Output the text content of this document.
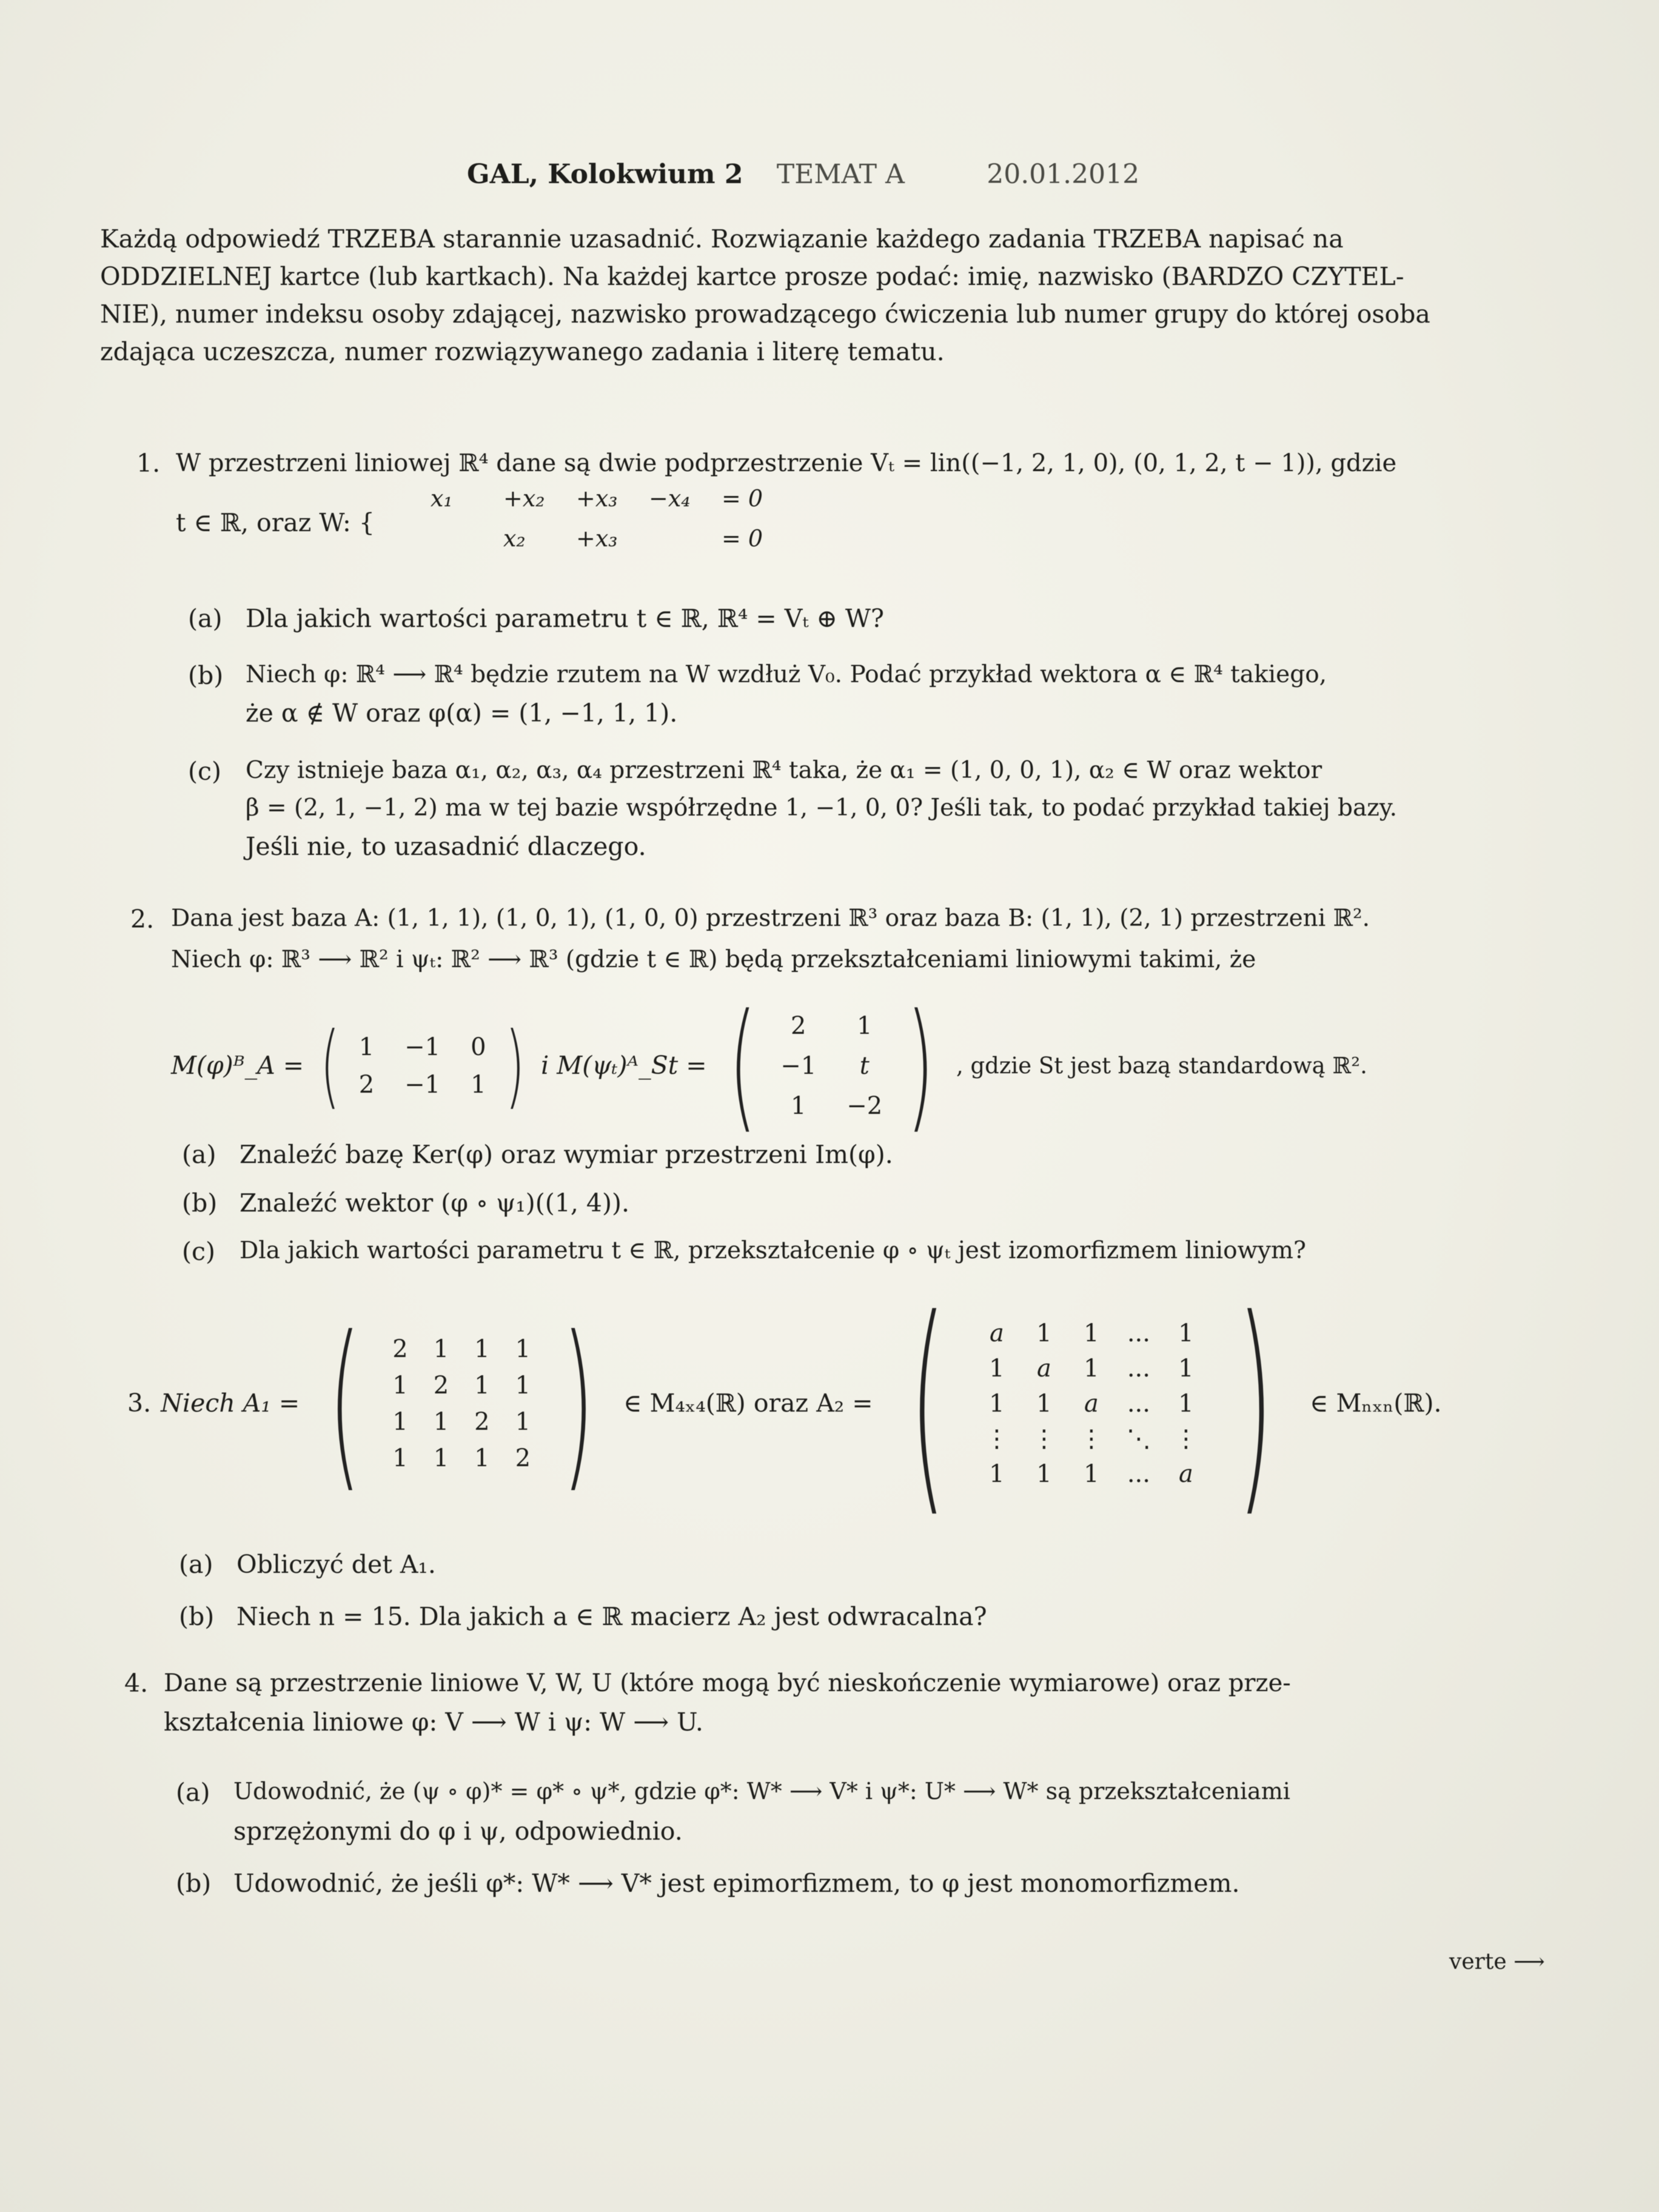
GAL, Kolokwium 2 TEMAT A	20.01.2012
Każdą odpowiedź TRZEBA starannie uzasadnić. Rozwiązanie każdego zadania TRZEBA napisać na
ODDZIELNEJ kartce (lub kartkach). Na każdej kartce prosze podać: imię, nazwisko (BARDZO CZYTEL-
NIE), numer indeksu osoby zdającej, nazwisko prowadzącego ćwiczenia lub numer grupy do której osoba
zdająca uczeszcza, numer rozwiązywanego zadania i literę tematu.
1. W przestrzeni liniowej ℝ⁴ dane są dwie podprzestrzenie Vₜ = lin((−1, 2, 1, 0), (0, 1, 2, t − 1)), gdzie
t ∈ ℝ, oraz W: {
x₁	+x₂	+x₃	−x₄	= 0
x₂	+x₃	= 0
(a) Dla jakich wartości parametru t ∈ ℝ, ℝ⁴ = Vₜ ⊕ W?
(b) Niech φ: ℝ⁴ ⟶ ℝ⁴ będzie rzutem na W wzdłuż V₀. Podać przykład wektora α ∈ ℝ⁴ takiego,
że α ∉ W oraz φ(α) = (1, −1, 1, 1).
(c) Czy istnieje baza α₁, α₂, α₃, α₄ przestrzeni ℝ⁴ taka, że α₁ = (1, 0, 0, 1), α₂ ∈ W oraz wektor
β = (2, 1, −1, 2) ma w tej bazie współrzędne 1, −1, 0, 0? Jeśli tak, to podać przykład takiej bazy.
Jeśli nie, to uzasadnić dlaczego.
2. Dana jest baza A: (1, 1, 1), (1, 0, 1), (1, 0, 0) przestrzeni ℝ³ oraz baza B: (1, 1), (2, 1) przestrzeni ℝ².
Niech φ: ℝ³ ⟶ ℝ² i ψₜ: ℝ² ⟶ ℝ³ (gdzie t ∈ ℝ) będą przekształceniami liniowymi takimi, że
M(φ)ᴮ_A = ( 1 −1 0
2 −1 1 ) i M(ψₜ)ᴬ_St = (	2	1
−1	t
1	−2 ) , gdzie St jest bazą standardową ℝ².
(a) Znaleźć bazę Ker(φ) oraz wymiar przestrzeni Im(φ).
(b) Znaleźć wektor (φ ∘ ψ₁)((1, 4)).
(c) Dla jakich wartości parametru t ∈ ℝ, przekształcenie φ ∘ ψₜ jest izomorfizmem liniowym?
3. Niech A₁ = ( 2 1 1 1
1 2 1 1
1 1 2 1
1 1 1 2 ) ∈ M₄ₓ₄(ℝ) oraz A₂ = (	a	1 1 ... 1
1	a	1 ... 1
1 1	a	... 1
⋮ ⋮ ⋮ ⋱ ⋮
1 1 1 ...	a ) ∈ Mₙₓₙ(ℝ).
(a) Obliczyć det A₁.
(b) Niech n = 15. Dla jakich a ∈ ℝ macierz A₂ jest odwracalna?
4. Dane są przestrzenie liniowe V, W, U (które mogą być nieskończenie wymiarowe) oraz prze-
kształcenia liniowe φ: V ⟶ W i ψ: W ⟶ U.
(a) Udowodnić, że (ψ ∘ φ)* = φ* ∘ ψ*, gdzie φ*: W* ⟶ V* i ψ*: U* ⟶ W* są przekształceniami
sprzężonymi do φ i ψ, odpowiednio.
(b) Udowodnić, że jeśli φ*: W* ⟶ V* jest epimorfizmem, to φ jest monomorfizmem.
verte ⟶
